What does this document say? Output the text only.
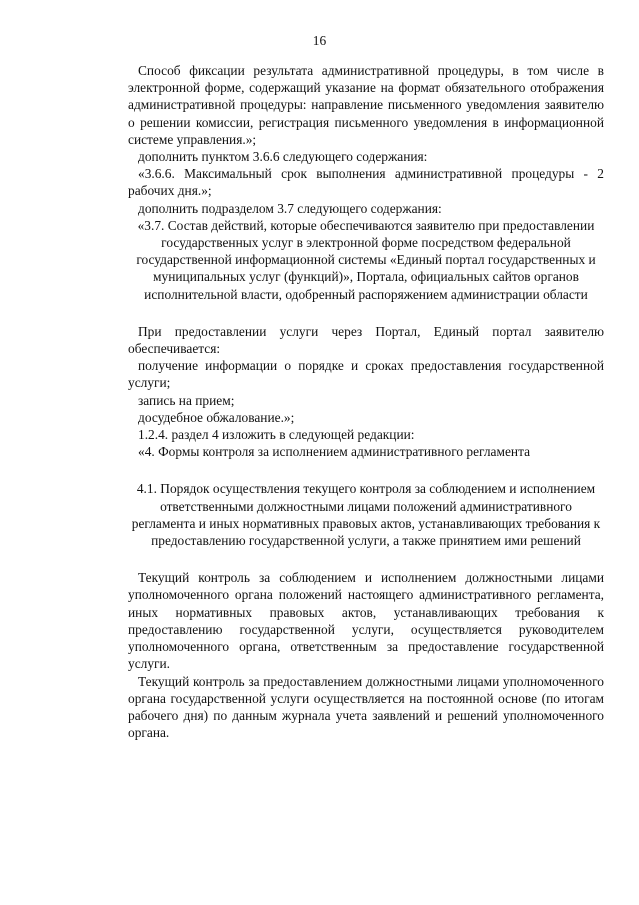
16

Способ фиксации результата административной процедуры, в том числе в электронной форме, содержащий указание на формат обязательного отображения административной процедуры: направление письменного уведомления заявителю о решении комиссии, регистрация письменного уведомления в информационной системе управления.»;

дополнить пунктом 3.6.6 следующего содержания:

«3.6.6. Максимальный срок выполнения административной процедуры - 2 рабочих дня.»;

дополнить подразделом 3.7 следующего содержания:

«3.7. Состав действий, которые обеспечиваются заявителю при предоставлении государственных услуг в электронной форме посредством федеральной государственной информационной системы «Единый портал государственных и муниципальных услуг (функций)», Портала, официальных сайтов органов исполнительной власти, одобренный распоряжением администрации области

При предоставлении услуги через Портал, Единый портал заявителю обеспечивается:

получение информации о порядке и сроках предоставления государственной услуги;

запись на прием;

досудебное обжалование.»;

1.2.4. раздел 4 изложить в следующей редакции:

«4. Формы контроля за исполнением административного регламента

4.1. Порядок осуществления текущего контроля за соблюдением и исполнением ответственными должностными лицами положений административного регламента и иных нормативных правовых актов, устанавливающих требования к предоставлению государственной услуги, а также принятием ими решений

Текущий контроль за соблюдением и исполнением должностными лицами уполномоченного органа положений настоящего административного регламента, иных нормативных правовых актов, устанавливающих требования к предоставлению государственной услуги, осуществляется руководителем уполномоченного органа, ответственным за предоставление государственной услуги.

Текущий контроль за предоставлением должностными лицами уполномоченного органа государственной услуги осуществляется на постоянной основе (по итогам рабочего дня) по данным журнала учета заявлений и решений уполномоченного органа.
